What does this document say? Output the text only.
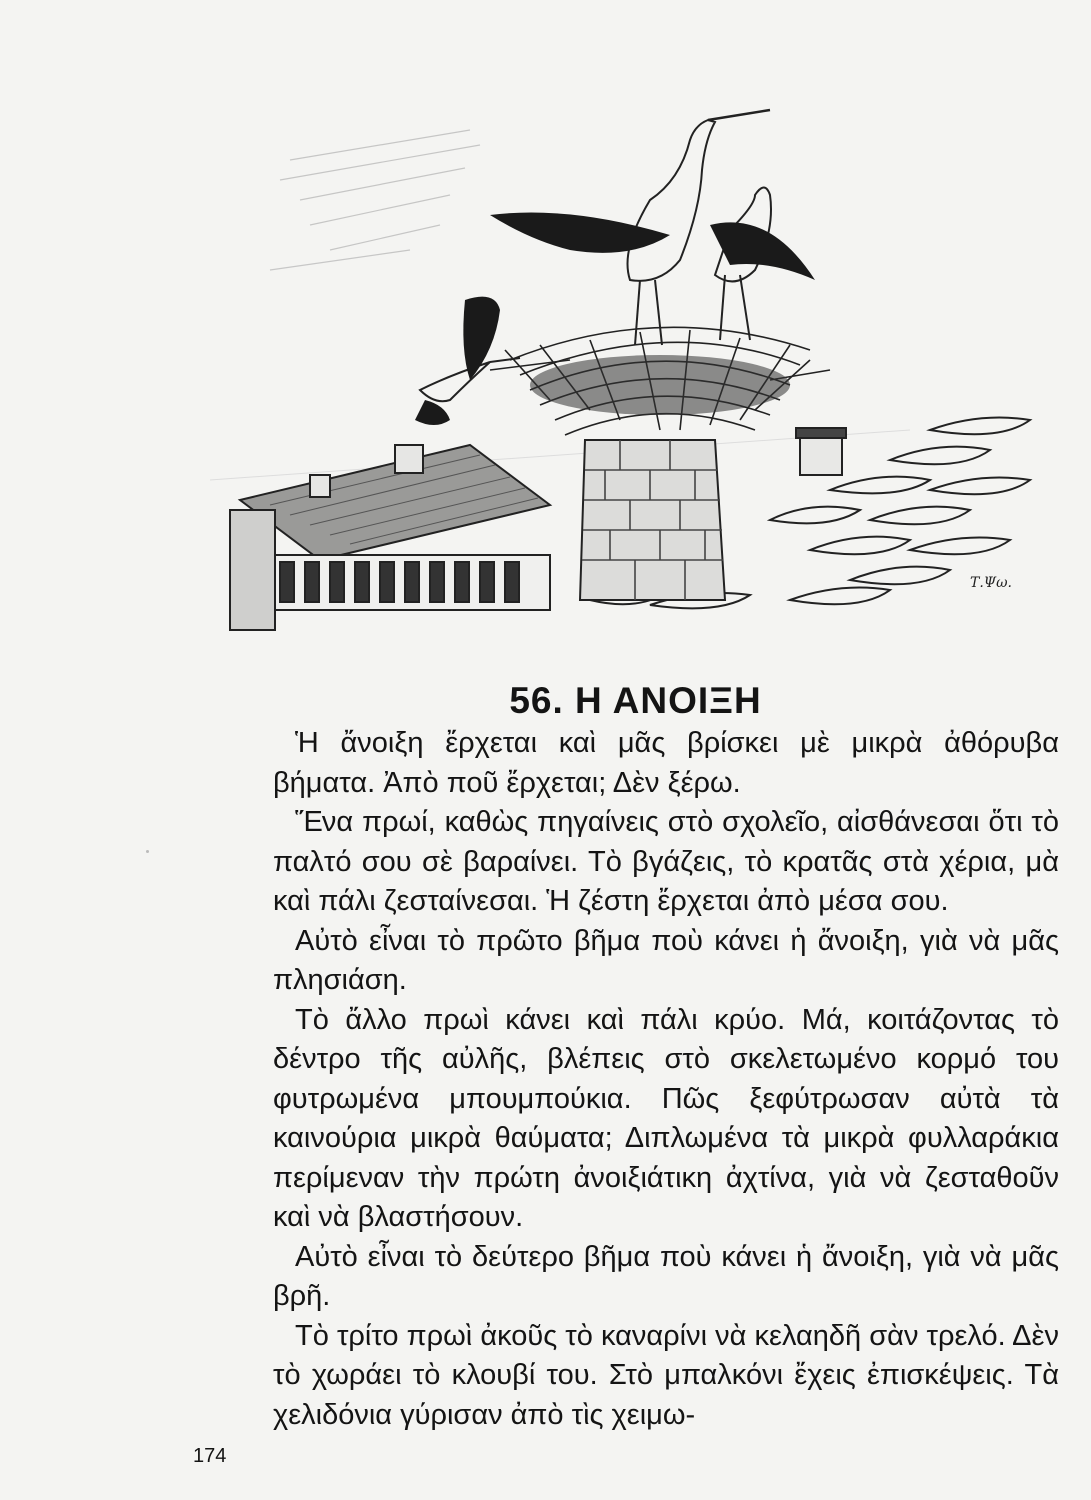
Τ.Ψω.
56. Η ΑΝΟΙΞΗ

Ἡ ἄνοιξη ἔρχεται καὶ μᾶς βρίσκει μὲ μικρὰ ἀθόρυβα βήματα. Ἀπὸ ποῦ ἔρχεται; Δὲν ξέρω.

Ἕνα πρωί, καθὼς πηγαίνεις στὸ σχολεῖο, αἰσθάνεσαι ὅτι τὸ παλτό σου σὲ βαραίνει. Τὸ βγάζεις, τὸ κρατᾶς στὰ χέρια, μὰ καὶ πάλι ζεσταίνεσαι. Ἡ ζέστη ἔρχεται ἀπὸ μέσα σου.

Αὐτὸ εἶναι τὸ πρῶτο βῆμα ποὺ κάνει ἡ ἄνοιξη, γιὰ νὰ μᾶς πλησιάση.

Τὸ ἄλλο πρωὶ κάνει καὶ πάλι κρύο. Μά, κοιτάζοντας τὸ δέντρο τῆς αὐλῆς, βλέπεις στὸ σκελετωμένο κορμό του φυτρωμένα μπουμπούκια. Πῶς ξεφύτρωσαν αὐτὰ τὰ καινούρια μικρὰ θαύματα; Διπλωμένα τὰ μικρὰ φυλλαράκια περίμεναν τὴν πρώτη ἀνοιξιάτικη ἀχτίνα, γιὰ νὰ ζεσταθοῦν καὶ νὰ βλαστήσουν.

Αὐτὸ εἶναι τὸ δεύτερο βῆμα ποὺ κάνει ἡ ἄνοιξη, γιὰ νὰ μᾶς βρῆ.

Τὸ τρίτο πρωὶ ἀκοῦς τὸ καναρίνι νὰ κελαηδῆ σὰν τρελό. Δὲν τὸ χωράει τὸ κλουβί του. Στὸ μπαλκόνι ἔχεις ἐπισκέψεις. Τὰ χελιδόνια γύρισαν ἀπὸ τὶς χειμω-

174
